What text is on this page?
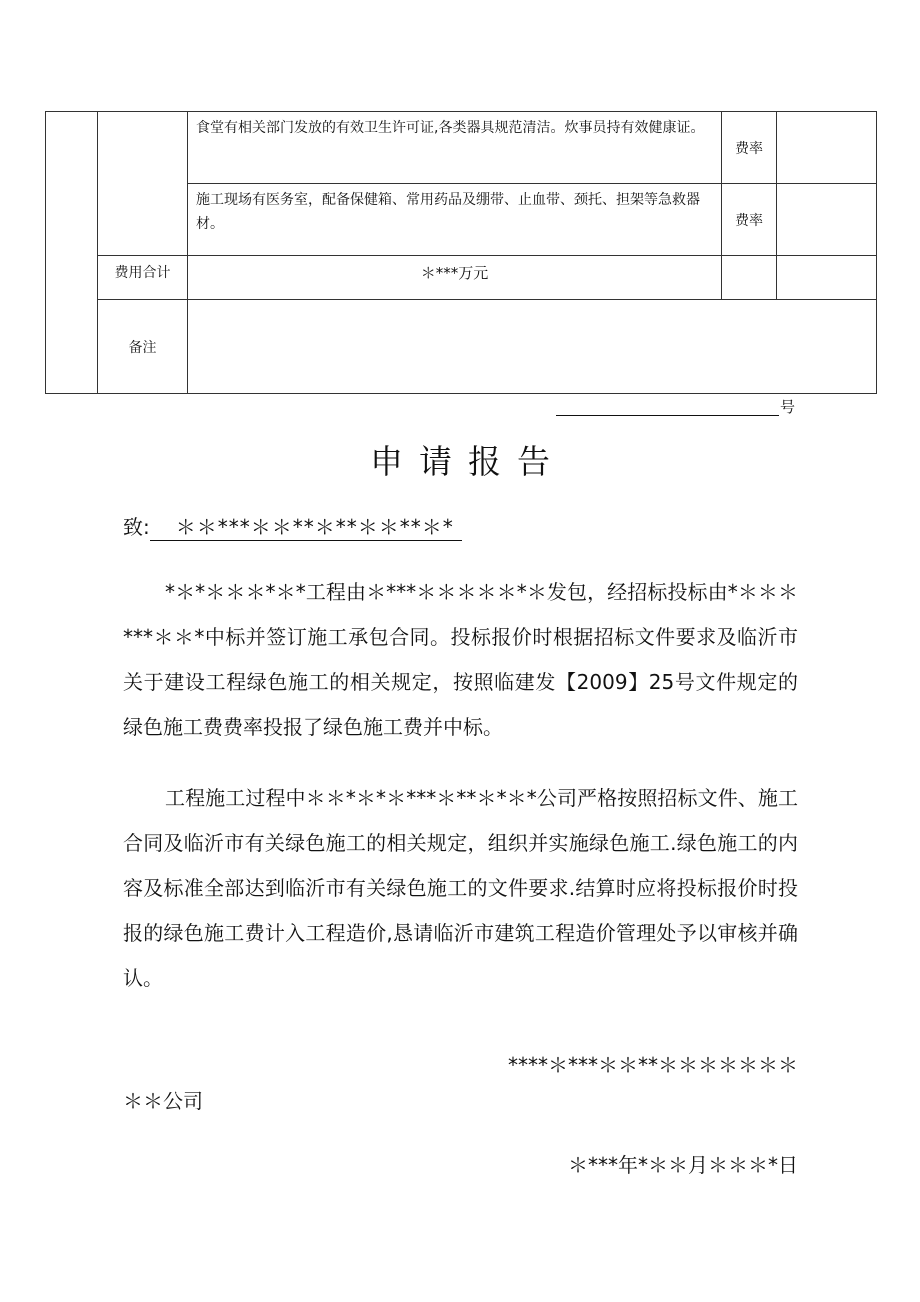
		食堂有相关部门发放的有效卫生许可证,各类器具规范清洁。炊事员持有效健康证。	费率	
		施工现场有医务室，配备保健箱、常用药品及绷带、止血带、颈托、担架等急救器材。	费率	
	费用合计	＊***万元		
	备注			
号
申请报告
致: ＊＊***＊＊**＊**＊＊**＊*

*＊*＊＊＊*＊*工程由＊***＊＊＊＊＊*＊发包，经招标投标由*＊＊＊***＊＊*中标并签订施工承包合同。投标报价时根据招标文件要求及临沂市关于建设工程绿色施工的相关规定，按照临建发【2009】25号文件规定的绿色施工费费率投报了绿色施工费并中标。

工程施工过程中＊＊*＊*＊***＊**＊*＊*公司严格按照招标文件、施工合同及临沂市有关绿色施工的相关规定，组织并实施绿色施工.绿色施工的内容及标准全部达到临沂市有关绿色施工的文件要求.结算时应将投标报价时投报的绿色施工费计入工程造价,恳请临沂市建筑工程造价管理处予以审核并确认。

****＊***＊＊**＊＊＊＊＊＊＊

＊＊公司

＊***年*＊＊月＊＊＊*日
